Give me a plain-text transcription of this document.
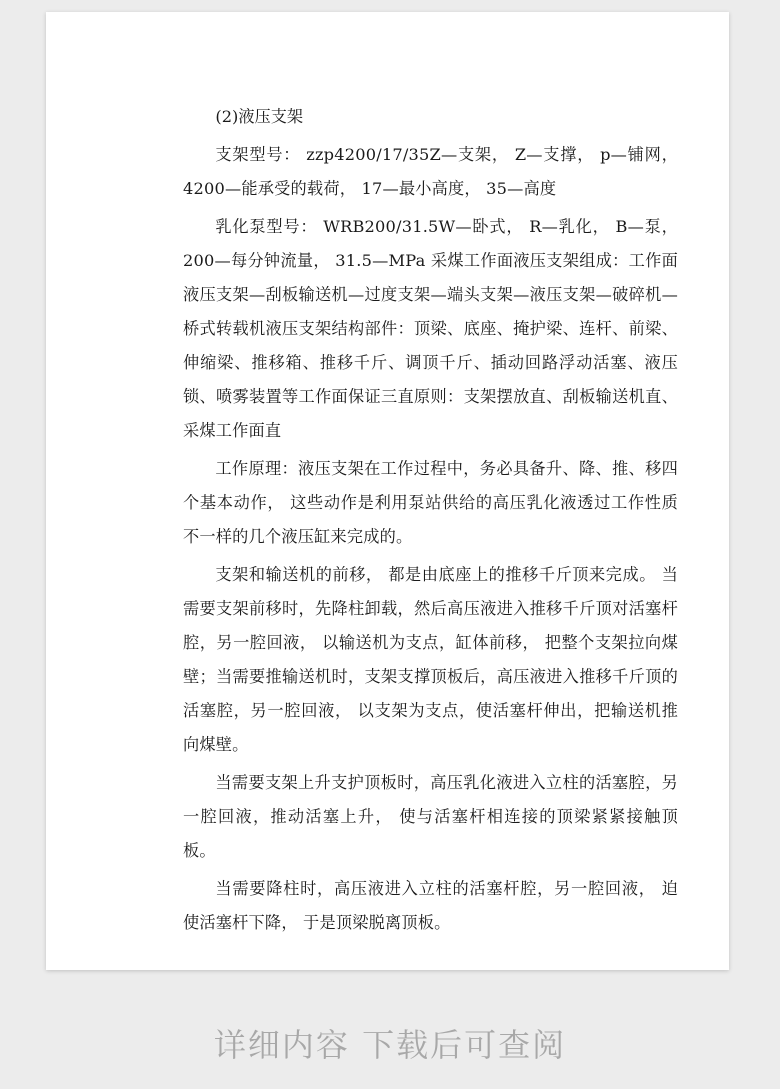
(2)液压支架

支架型号： zzp4200/17/35Z—支架， Z—支撑， p—铺网， 4200—能承受的载荷， 17—最小高度， 35—高度

乳化泵型号： WRB200/31.5W—卧式， R—乳化， B—泵， 200—每分钟流量， 31.5—MPa 采煤工作面液压支架组成：工作面液压支架—刮板输送机—过度支架—端头支架—液压支架—破碎机—桥式转载机液压支架结构部件：顶梁、底座、掩护梁、连杆、前梁、伸缩梁、推移箱、推移千斤、调顶千斤、插动回路浮动活塞、液压锁、喷雾装置等工作面保证三直原则：支架摆放直、刮板输送机直、采煤工作面直

工作原理：液压支架在工作过程中，务必具备升、降、推、移四个基本动作， 这些动作是利用泵站供给的高压乳化液透过工作性质不一样的几个液压缸来完成的。

支架和输送机的前移， 都是由底座上的推移千斤顶来完成。 当需要支架前移时，先降柱卸载，然后高压液进入推移千斤顶对活塞杆腔，另一腔回液， 以输送机为支点，缸体前移， 把整个支架拉向煤壁；当需要推输送机时，支架支撑顶板后，高压液进入推移千斤顶的活塞腔，另一腔回液， 以支架为支点，使活塞杆伸出，把输送机推向煤壁。

当需要支架上升支护顶板时，高压乳化液进入立柱的活塞腔，另一腔回液，推动活塞上升， 使与活塞杆相连接的顶梁紧紧接触顶板。

当需要降柱时，高压液进入立柱的活塞杆腔，另一腔回液， 迫使活塞杆下降， 于是顶梁脱离顶板。

详细内容 下载后可查阅
